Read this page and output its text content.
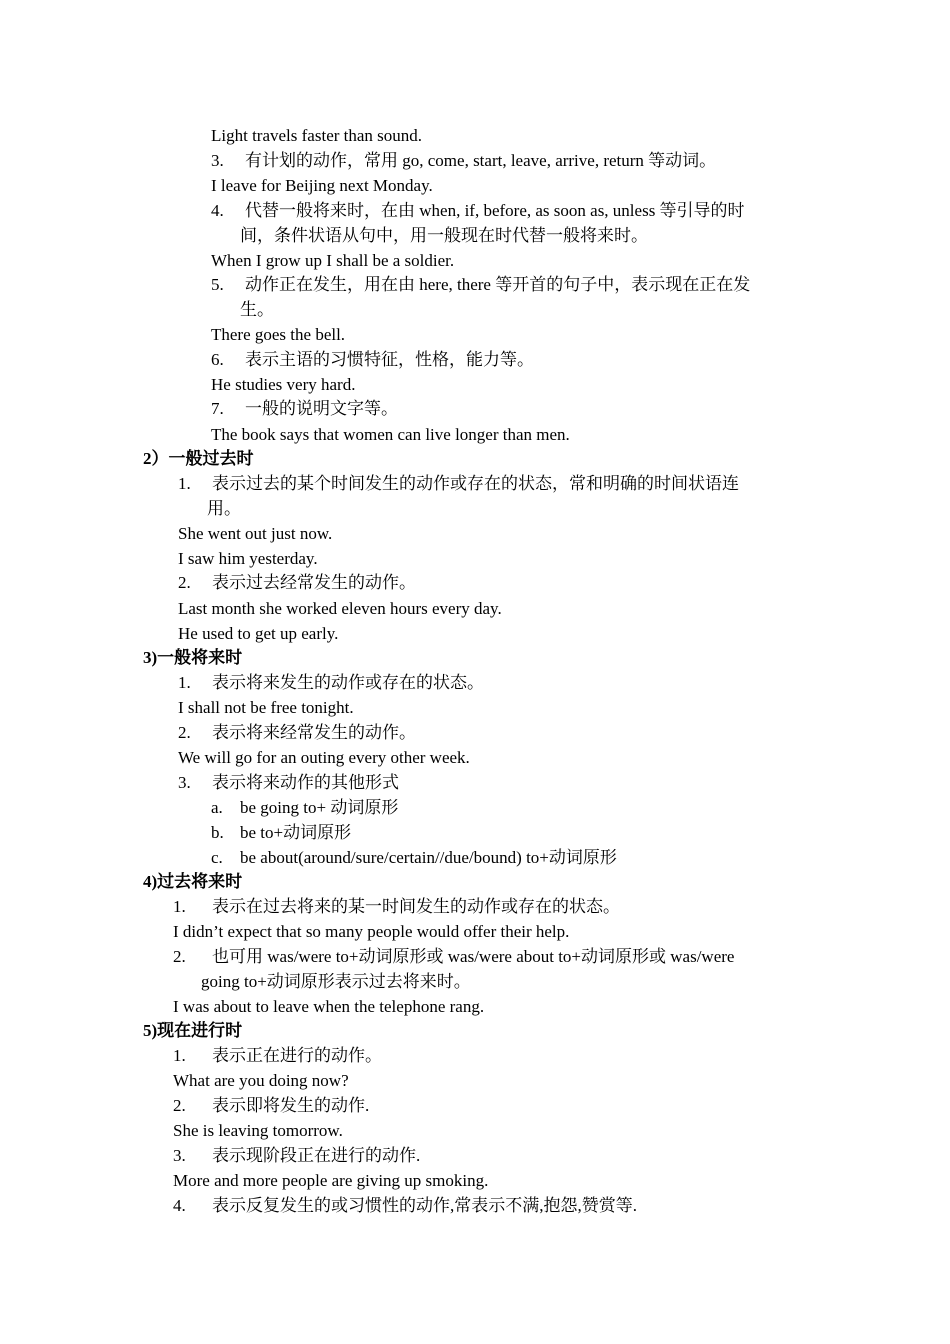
Light travels faster than sound.
3. 有计划的动作，常用 go, come, start, leave, arrive, return 等动词。
I leave for Beijing next Monday.
4. 代替一般将来时，在由 when, if, before, as soon as, unless 等引导的时
间，条件状语从句中，用一般现在时代替一般将来时。
When I grow up I shall be a soldier.
5. 动作正在发生，用在由 here, there 等开首的句子中，表示现在正在发
生。
There goes the bell.
6. 表示主语的习惯特征，性格，能力等。
He studies very hard.
7. 一般的说明文字等。
The book says that women can live longer than men.
2）一般过去时
1. 表示过去的某个时间发生的动作或存在的状态，常和明确的时间状语连
用。
She went out just now.
I saw him yesterday.
2. 表示过去经常发生的动作。
Last month she worked eleven hours every day.
He used to get up early.
3)一般将来时
1. 表示将来发生的动作或存在的状态。
I shall not be free tonight.
2. 表示将来经常发生的动作。
We will go for an outing every other week.
3. 表示将来动作的其他形式
a. be going to+ 动词原形
b. be to+动词原形
c. be about(around/sure/certain//due/bound) to+动词原形
4)过去将来时
1. 表示在过去将来的某一时间发生的动作或存在的状态。
I didn’t expect that so many people would offer their help.
2. 也可用 was/were to+动词原形或 was/were about to+动词原形或 was/were
going to+动词原形表示过去将来时。
I was about to leave when the telephone rang.
5)现在进行时
1. 表示正在进行的动作。
What are you doing now?
2. 表示即将发生的动作.
She is leaving tomorrow.
3. 表示现阶段正在进行的动作.
More and more people are giving up smoking.
4. 表示反复发生的或习惯性的动作,常表示不满,抱怨,赞赏等.
